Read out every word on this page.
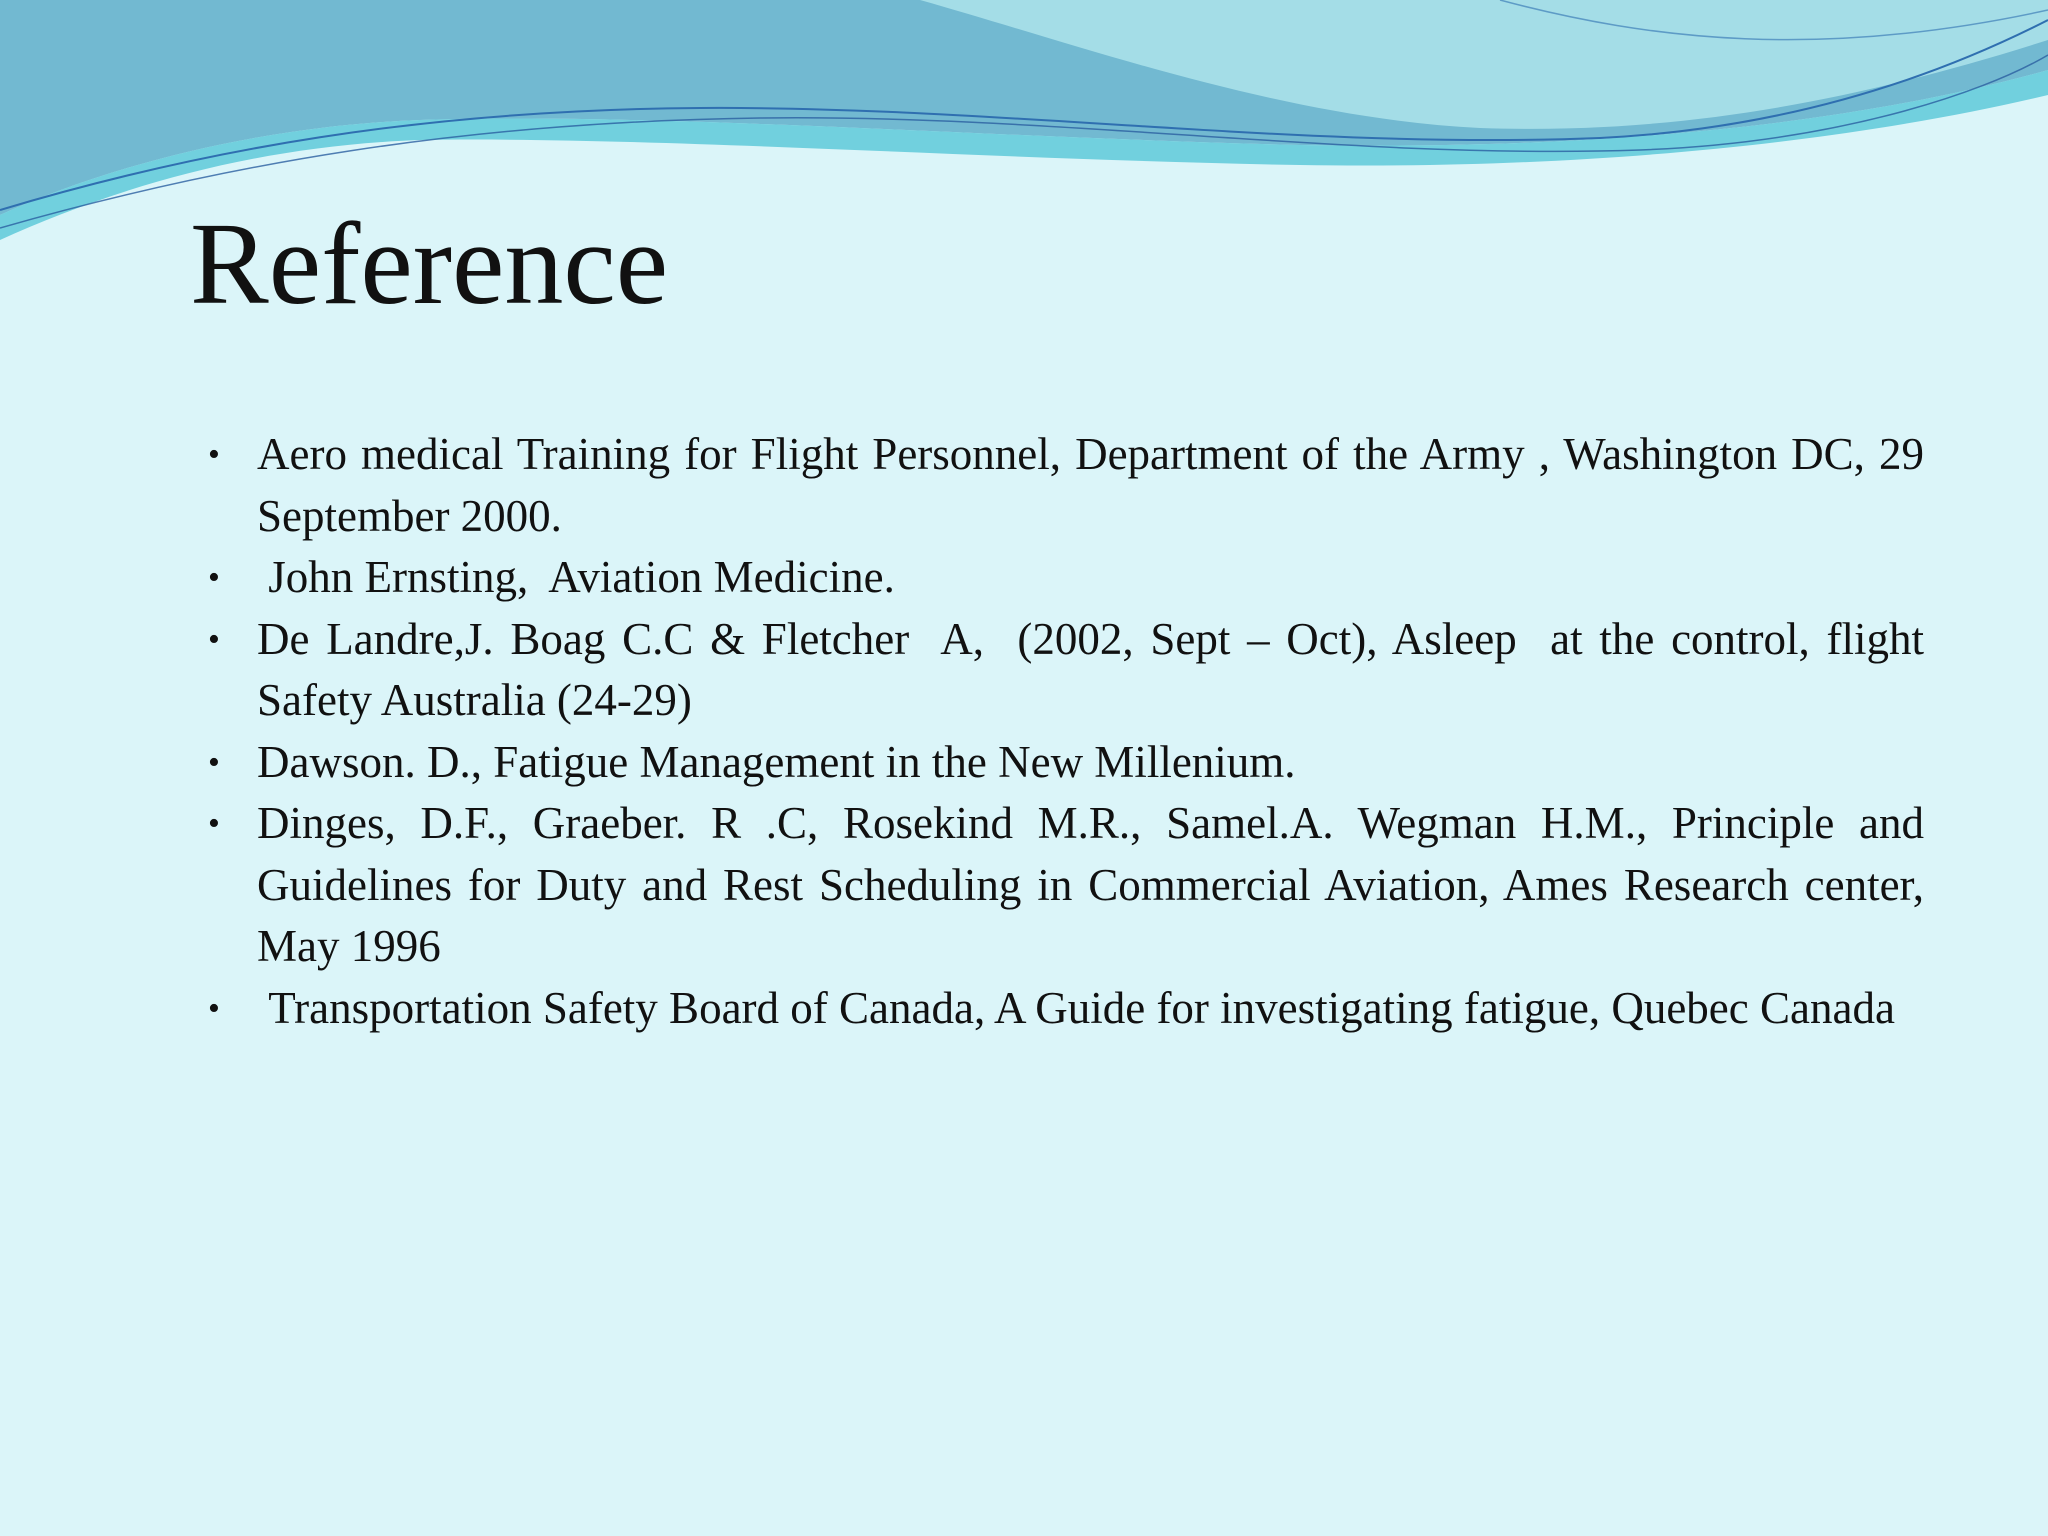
Reference
• Aero medical Training for Flight Personnel, Department of the Army , Washington DC, 29 September 2000.
• John Ernsting,  Aviation Medicine.
• De Landre,J. Boag C.C & Fletcher  A,  (2002, Sept – Oct), Asleep  at the control, flight Safety Australia (24-29)
• Dawson. D., Fatigue Management in the New Millenium.
• Dinges, D.F., Graeber. R .C, Rosekind M.R., Samel.A. Wegman H.M., Principle and Guidelines for Duty and Rest Scheduling in Commercial Aviation, Ames Research center, May 1996
• Transportation Safety Board of Canada, A Guide for investigating fatigue, Quebec Canada
